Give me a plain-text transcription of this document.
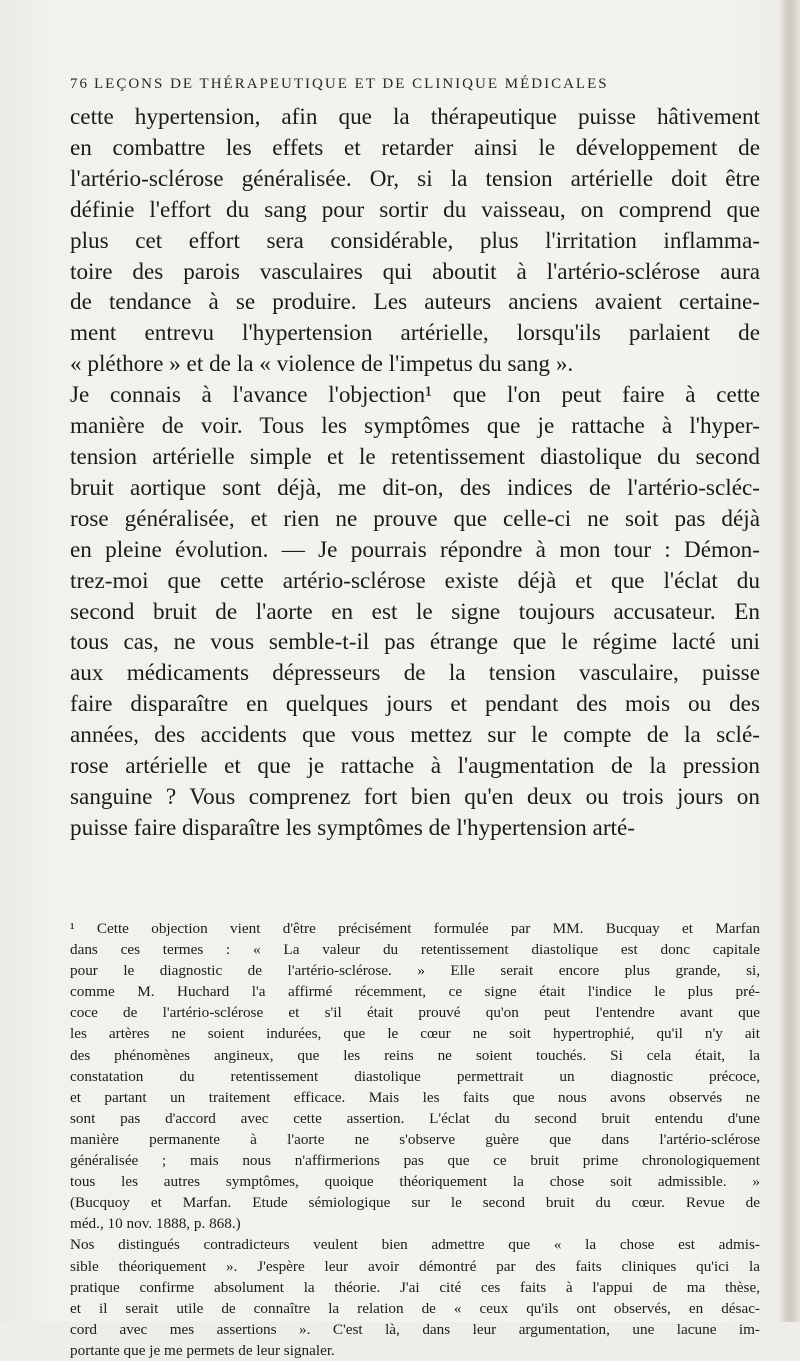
76 LEÇONS DE THÉRAPEUTIQUE ET DE CLINIQUE MÉDICALES
cette hypertension, afin que la thérapeutique puisse hâtivement
en combattre les effets et retarder ainsi le développement de
l'artério-sclérose généralisée. Or, si la tension artérielle doit être
définie l'effort du sang pour sortir du vaisseau, on comprend que
plus cet effort sera considérable, plus l'irritation inflamma-
toire des parois vasculaires qui aboutit à l'artério-sclérose aura
de tendance à se produire. Les auteurs anciens avaient certaine-
ment entrevu l'hypertension artérielle, lorsqu'ils parlaient de
« pléthore » et de la « violence de l'impetus du sang ».
Je connais à l'avance l'objection¹ que l'on peut faire à cette
manière de voir. Tous les symptômes que je rattache à l'hyper-
tension artérielle simple et le retentissement diastolique du second
bruit aortique sont déjà, me dit-on, des indices de l'artério-scléc-
rose généralisée, et rien ne prouve que celle-ci ne soit pas déjà
en pleine évolution. — Je pourrais répondre à mon tour : Démon-
trez-moi que cette artério-sclérose existe déjà et que l'éclat du
second bruit de l'aorte en est le signe toujours accusateur. En
tous cas, ne vous semble-t-il pas étrange que le régime lacté uni
aux médicaments dépresseurs de la tension vasculaire, puisse
faire disparaître en quelques jours et pendant des mois ou des
années, des accidents que vous mettez sur le compte de la sclé-
rose artérielle et que je rattache à l'augmentation de la pression
sanguine ? Vous comprenez fort bien qu'en deux ou trois jours on
puisse faire disparaître les symptômes de l'hypertension arté-
¹ Cette objection vient d'être précisément formulée par MM. Bucquay et Marfan
dans ces termes : « La valeur du retentissement diastolique est donc capitale
pour le diagnostic de l'artério-sclérose. » Elle serait encore plus grande, si,
comme M. Huchard l'a affirmé récemment, ce signe était l'indice le plus pré-
coce de l'artério-sclérose et s'il était prouvé qu'on peut l'entendre avant que
les artères ne soient indurées, que le cœur ne soit hypertrophié, qu'il n'y ait
des phénomènes angineux, que les reins ne soient touchés. Si cela était, la
constatation du retentissement diastolique permettrait un diagnostic précoce,
et partant un traitement efficace. Mais les faits que nous avons observés ne
sont pas d'accord avec cette assertion. L'éclat du second bruit entendu d'une
manière permanente à l'aorte ne s'observe guère que dans l'artério-sclérose
généralisée ; mais nous n'affirmerions pas que ce bruit prime chronologiquement
tous les autres symptômes, quoique théoriquement la chose soit admissible. »
(Bucquoy et Marfan. Etude sémiologique sur le second bruit du cœur. Revue de
méd., 10 nov. 1888, p. 868.)
Nos distingués contradicteurs veulent bien admettre que « la chose est admis-
sible théoriquement ». J'espère leur avoir démontré par des faits cliniques qu'ici la
pratique confirme absolument la théorie. J'ai cité ces faits à l'appui de ma thèse,
et il serait utile de connaître la relation de « ceux qu'ils ont observés, en désac-
cord avec mes assertions ». C'est là, dans leur argumentation, une lacune im-
portante que je me permets de leur signaler.
